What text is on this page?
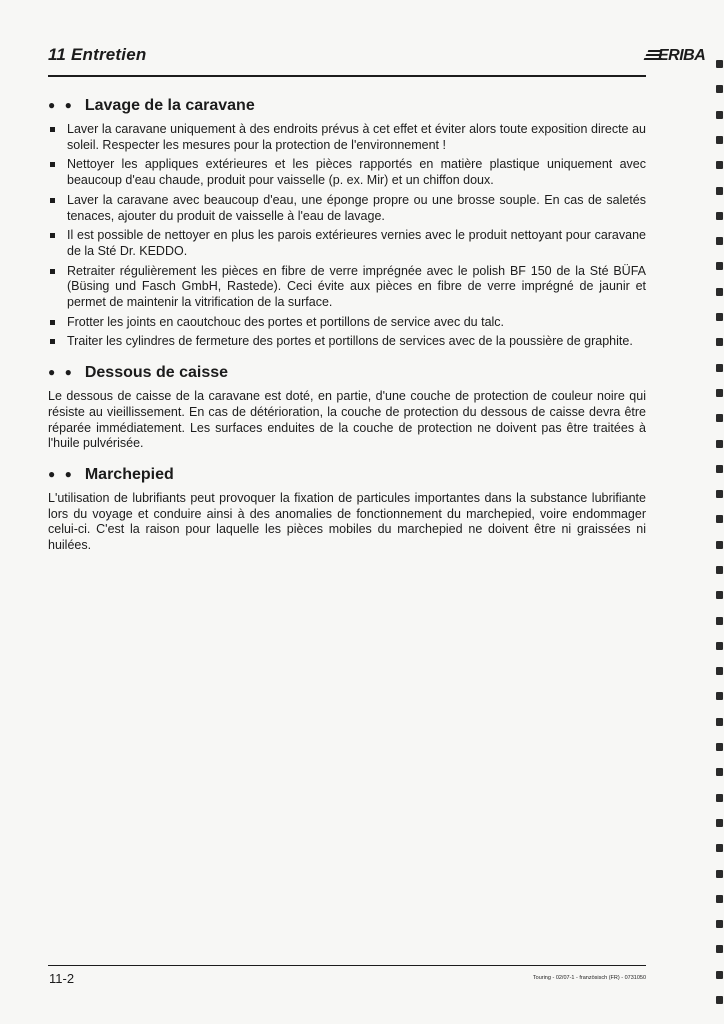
11 Entretien	ERIBA
● ● Lavage de la caravane
Laver la caravane uniquement à des endroits prévus à cet effet et éviter alors toute exposition directe au soleil. Respecter les mesures pour la protection de l'environnement !
Nettoyer les appliques extérieures et les pièces rapportés en matière plastique uniquement avec beaucoup d'eau chaude, produit pour vaisselle (p. ex. Mir) et un chiffon doux.
Laver la caravane avec beaucoup d'eau, une éponge propre ou une brosse souple. En cas de saletés tenaces, ajouter du produit de vaisselle à l'eau de lavage.
Il est possible de nettoyer en plus les parois extérieures vernies avec le produit nettoyant pour caravane de la Sté Dr. KEDDO.
Retraiter régulièrement les pièces en fibre de verre imprégnée avec le polish BF 150 de la Sté BÜFA (Büsing und Fasch GmbH, Rastede). Ceci évite aux pièces en fibre de verre imprégné de jaunir et permet de maintenir la vitrification de la surface.
Frotter les joints en caoutchouc des portes et portillons de service avec du talc.
Traiter les cylindres de fermeture des portes et portillons de services avec de la poussière de graphite.
● ● Dessous de caisse

Le dessous de caisse de la caravane est doté, en partie, d'une couche de protection de couleur noire qui résiste au vieillissement. En cas de détérioration, la couche de protection du dessous de caisse devra être réparée immédiatement. Les surfaces enduites de la couche de protection ne doivent pas être traitées à l'huile pulvérisée.

● ● Marchepied

L'utilisation de lubrifiants peut provoquer la fixation de particules importantes dans la substance lubrifiante lors du voyage et conduire ainsi à des anomalies de fonctionnement du marchepied, voire endommager celui-ci. C'est la raison pour laquelle les pièces mobiles du marchepied ne doivent être ni graissées ni huilées.

11-2	Touring - 02/07-1 - französisch (FR) - 0731050
